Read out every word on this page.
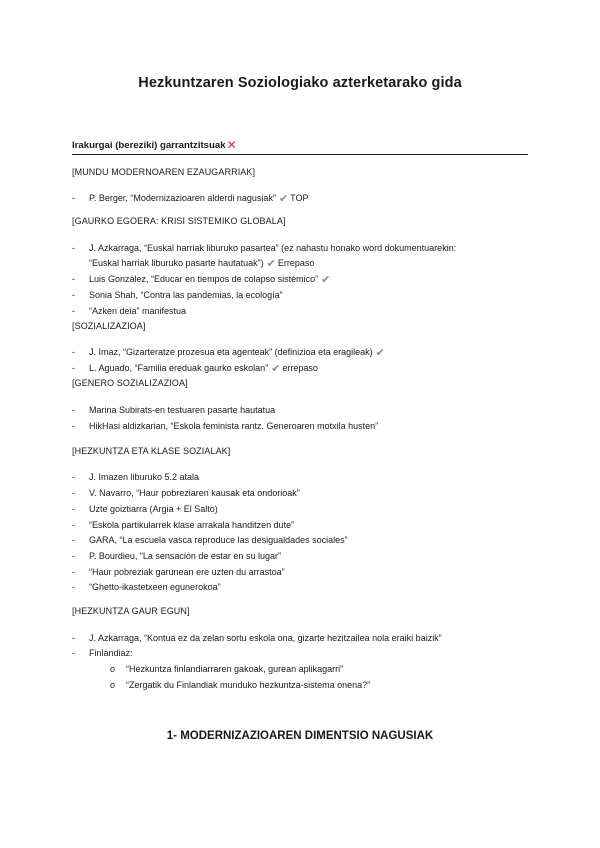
Hezkuntzaren Soziologiako azterketarako gida
Irakurgai (bereziki) garrantzitsuak✕
[MUNDU MODERNOAREN EZAUGARRIAK]
- P. Berger, “Modernizazioaren alderdi nagusiak” ✔ TOP
[GAURKO EGOERA: KRISI SISTEMIKO GLOBALA]
- J. Azkarraga, “Euskal harriak liburuko pasartea” (ez nahastu honako word dokumentuarekin:
“Euskal harriak liburuko pasarte hautatuak”) ✔ Errepaso
- Luis González, “Educar en tiempos de colapso sistémico” ✔
- Sonia Shah, “Contra las pandemias, la ecología”
- “Azken deia” manifestua
[SOZIALIZAZIOA]
- J. Imaz, “Gizarteratze prozesua eta agenteak” (definizioa eta eragileak) ✔
- L. Aguado, “Familia ereduak gaurko eskolan” ✔ errepaso
[GENERO SOZIALIZAZIOA]
- Marina Subirats-en testuaren pasarte hautatua
- HikHasi aldizkarian, “Eskola feminista rantz. Generoaren motxila husten”
[HEZKUNTZA ETA KLASE SOZIALAK]
- J. Imazen liburuko 5.2 atala
- V. Navarro, “Haur pobreziaren kausak eta ondorioak”
- Uzte goiztiarra (Argia + El Salto)
- “Eskola partikularrek klase arrakala handitzen dute”
- GARA, “La escuela vasca reproduce las desigualdades sociales”
- P. Bourdieu, “La sensación de estar en su lugar”
- “Haur pobreziak garunean ere uzten du arrastoa”
- “Ghetto-ikastetxeen egunerokoa”
[HEZKUNTZA GAUR EGUN]
- J. Azkarraga, “Kontua ez da zelan sortu eskola ona, gizarte hezitzailea nola eraiki baizik”
- Finlandiaz:
o “Hezkuntza finlandiarraren gakoak, gurean aplikagarri”
o “Zergatik du Finlandiak munduko hezkuntza-sistema onena?”
1- MODERNIZAZIOAREN DIMENTSIO NAGUSIAK
